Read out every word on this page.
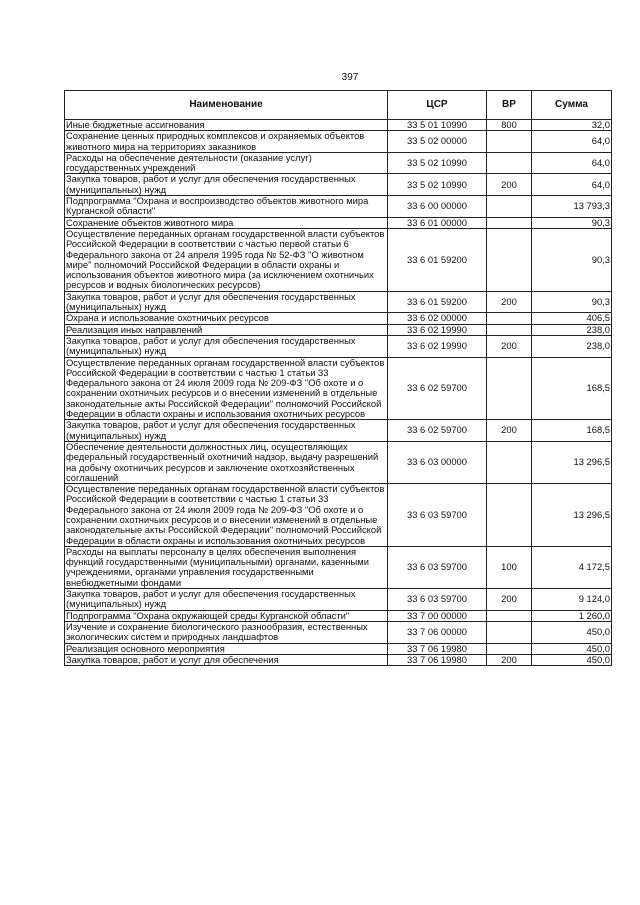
397
Наименование	ЦСР	ВР	Сумма
Иные бюджетные ассигнования	33 5 01 10990	800	32,0
Сохранение ценных природных комплексов и охраняемых объектов животного мира на территориях заказников	33 5 02 00000		64,0
Расходы на обеспечение деятельности (оказание услуг) государственных учреждений	33 5 02 10990		64,0
Закупка товаров, работ и услуг для обеспечения государственных (муниципальных) нужд	33 5 02 10990	200	64,0
Подпрограмма "Охрана и воспроизводство объектов животного мира Курганской области"	33 6 00 00000		13 793,3
Сохранение объектов животного мира	33 6 01 00000		90,3
Осуществление переданных органам государственной власти субъектов Российской Федерации в соответствии с частью первой статьи 6 Федерального закона от 24 апреля 1995 года № 52-ФЗ "О животном мире" полномочий Российской Федерации в области охраны и использования объектов животного мира (за исключением охотничьих ресурсов и водных биологических ресурсов)	33 6 01 59200		90,3
Закупка товаров, работ и услуг для обеспечения государственных (муниципальных) нужд	33 6 01 59200	200	90,3
Охрана и использование охотничьих ресурсов	33 6 02 00000		406,5
Реализация иных направлений	33 6 02 19990		238,0
Закупка товаров, работ и услуг для обеспечения государственных (муниципальных) нужд	33 6 02 19990	200	238,0
Осуществление переданных органам государственной власти субъектов Российской Федерации в соответствии с частью 1 статьи 33 Федерального закона от 24 июля 2009 года № 209-ФЗ "Об охоте и о сохранении охотничьих ресурсов и о внесении изменений в отдельные законодательные акты Российской Федерации" полномочий Российской Федерации в области охраны и использования охотничьих ресурсов	33 6 02 59700		168,5
Закупка товаров, работ и услуг для обеспечения государственных (муниципальных) нужд	33 6 02 59700	200	168,5
Обеспечение деятельности должностных лиц, осуществляющих федеральный государственный охотничий надзор, выдачу разрешений на добычу охотничьих ресурсов и заключение охотхозяйственных соглашений	33 6 03 00000		13 296,5
Осуществление переданных органам государственной власти субъектов Российской Федерации в соответствии с частью 1 статьи 33 Федерального закона от 24 июля 2009 года № 209-ФЗ "Об охоте и о сохранении охотничьих ресурсов и о внесении изменений в отдельные законодательные акты Российской Федерации" полномочий Российской Федерации в области охраны и использования охотничьих ресурсов	33 6 03 59700		13 296,5
Расходы на выплаты персоналу в целях обеспечения выполнения функций государственными (муниципальными) органами, казенными учреждениями, органами управления государственными внебюджетными фондами	33 6 03 59700	100	4 172,5
Закупка товаров, работ и услуг для обеспечения государственных (муниципальных) нужд	33 6 03 59700	200	9 124,0
Подпрограмма "Охрана окружающей среды Курганской области"	33 7 00 00000		1 260,0
Изучение и сохранение биологического разнообразия, естественных экологических систем и природных ландшафтов	33 7 06 00000		450,0
Реализация основного мероприятия	33 7 06 19980		450,0
Закупка товаров, работ и услуг для обеспечения	33 7 06 19980	200	450,0
